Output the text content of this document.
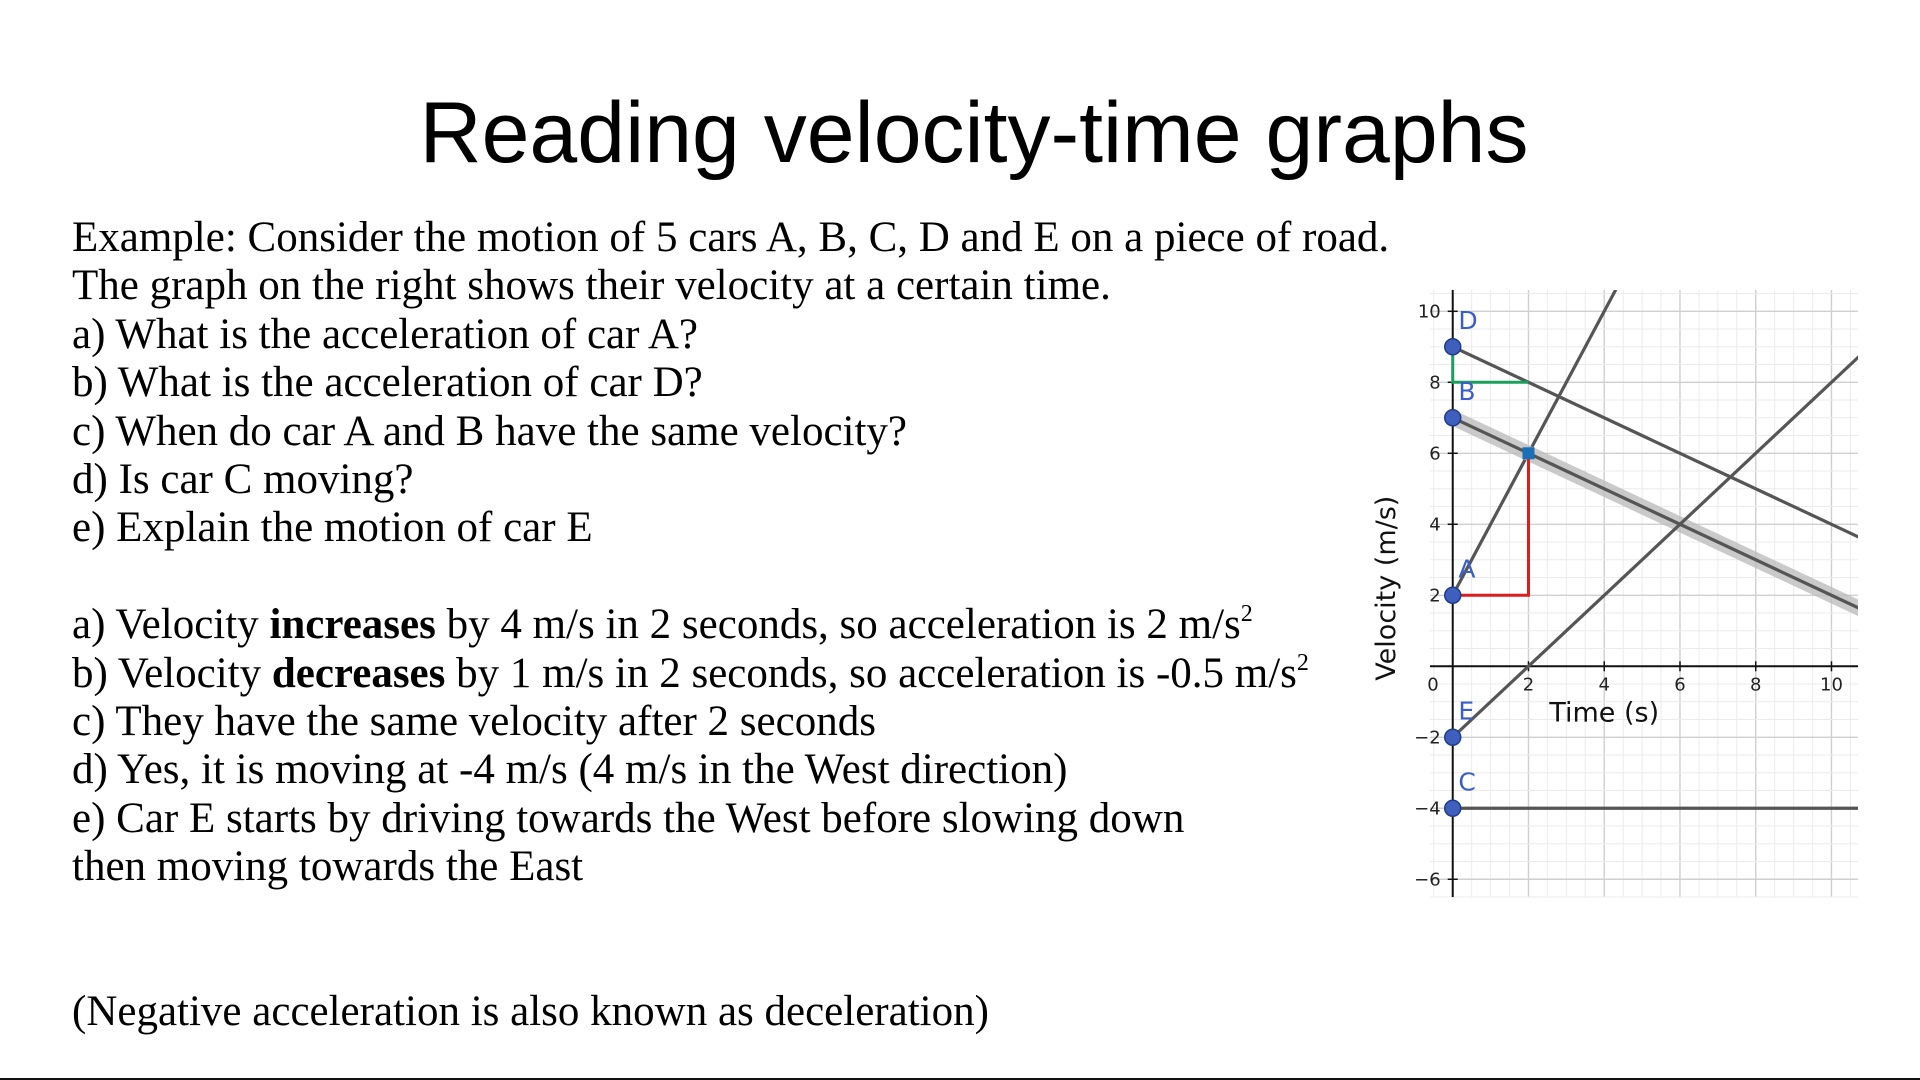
Reading velocity-time graphs
Example: Consider the motion of 5 cars A, B, C, D and E on a piece of road.
The graph on the right shows their velocity at a certain time.
a) What is the acceleration of car A?
b) What is the acceleration of car D?
c) When do car A and B have the same velocity?
d) Is car C moving?
e) Explain the motion of car E
a) Velocity increases by 4 m/s in 2 seconds, so acceleration is 2 $m/s^2$
b) Velocity decreases by 1 m/s in 2 seconds, so acceleration is -0.5 $m/s^2$
c) They have the same velocity after 2 seconds
d) Yes, it is moving at -4 m/s (4 m/s in the West direction)
e) Car E starts by driving towards the West before slowing down
then moving towards the East
(Negative acceleration is also known as deceleration)
2	4	6	8	10
−6
−4
−2
2
4
6
8
10
0
Time (s)
Velocity (m/s)
D
B
A
E
C
